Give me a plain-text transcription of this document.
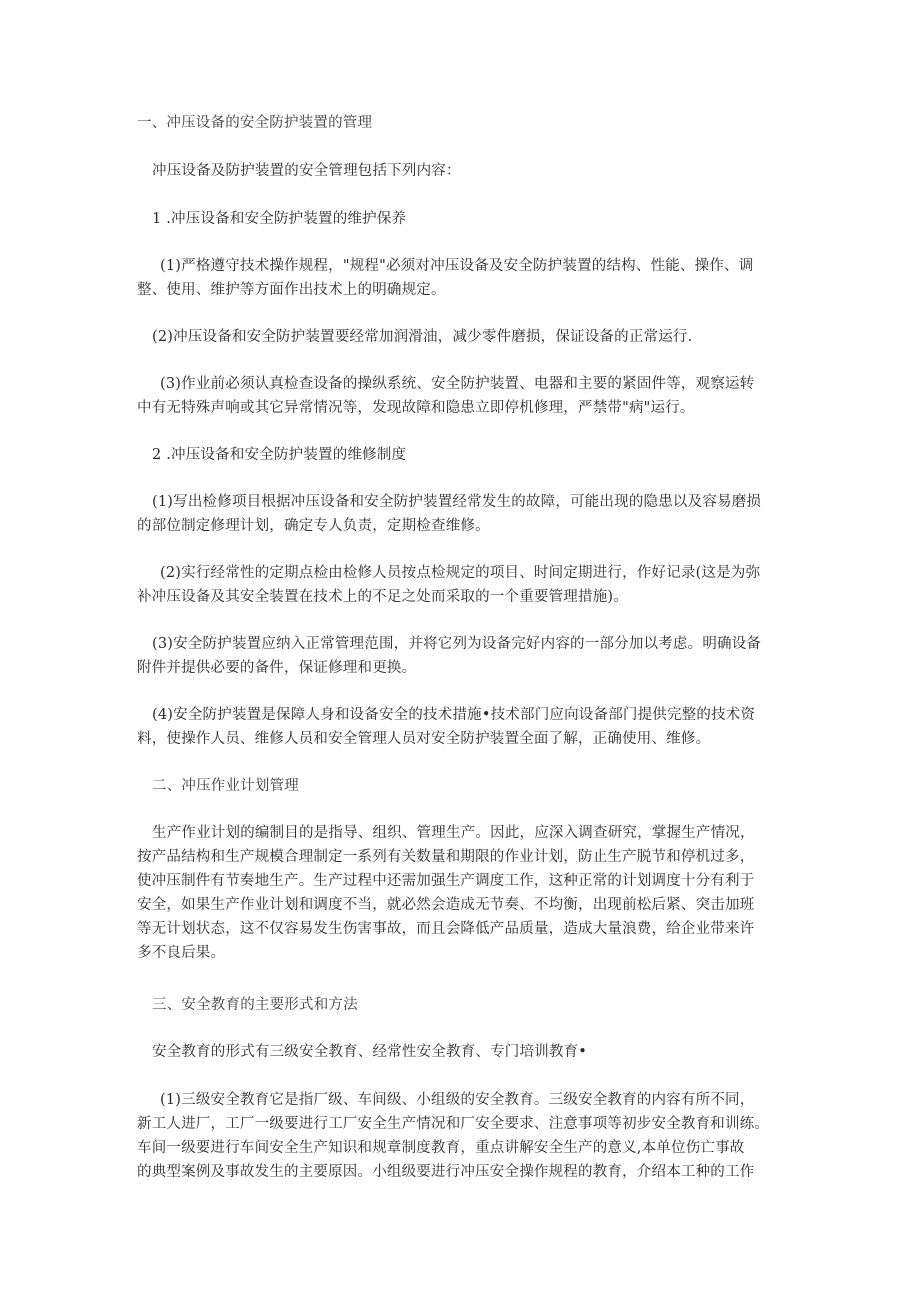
一、冲压设备的安全防护装置的管理
冲压设备及防护装置的安全管理包括下列内容：
1 .冲压设备和安全防护装置的维护保养
(1)严格遵守技术操作规程，"规程"必须对冲压设备及安全防护装置的结构、性能、操作、调
整、使用、维护等方面作出技术上的明确规定。
(2)冲压设备和安全防护装置要经常加润滑油，减少零件磨损，保证设备的正常运行.
(3)作业前必须认真检查设备的操纵系统、安全防护装置、电器和主要的紧固件等，观察运转
中有无特殊声响或其它异常情况等，发现故障和隐患立即停机修理，严禁带"病"运行。
2 .冲压设备和安全防护装置的维修制度
(1)写出检修项目根据冲压设备和安全防护装置经常发生的故障，可能出现的隐患以及容易磨损
的部位制定修理计划，确定专人负责，定期检查维修。
(2)实行经常性的定期点检由检修人员按点检规定的项目、时间定期进行，作好记录(这是为弥
补冲压设备及其安全装置在技术上的不足之处而采取的一个重要管理措施)。
(3)安全防护装置应纳入正常管理范围，并将它列为设备完好内容的一部分加以考虑。明确设备
附件并提供必要的备件，保证修理和更换。
(4)安全防护装置是保障人身和设备安全的技术措施•技术部门应向设备部门提供完整的技术资
料，使操作人员、维修人员和安全管理人员对安全防护装置全面了解，正确使用、维修。
二、冲压作业计划管理
生产作业计划的编制目的是指导、组织、管理生产。因此，应深入调查研究，掌握生产情况，
按产品结构和生产规模合理制定一系列有关数量和期限的作业计划，防止生产脱节和停机过多，
使冲压制件有节奏地生产。生产过程中还需加强生产调度工作，这种正常的计划调度十分有利于
安全，如果生产作业计划和调度不当，就必然会造成无节奏、不均衡，出现前松后紧、突击加班
等无计划状态，这不仅容易发生伤害事故，而且会降低产品质量，造成大量浪费，给企业带来许
多不良后果。
三、安全教育的主要形式和方法
安全教育的形式有三级安全教育、经常性安全教育、专门培训教育•
(1)三级安全教育它是指厂级、车间级、小组级的安全教育。三级安全教育的内容有所不同，
新工人进厂，工厂一级要进行工厂安全生产情况和厂安全要求、注意事项等初步安全教育和训练。
车间一级要进行车间安全生产知识和规章制度教育，重点讲解安全生产的意义,本单位伤亡事故
的典型案例及事故发生的主要原因。小组级要进行冲压安全操作规程的教育，介绍本工种的工作
